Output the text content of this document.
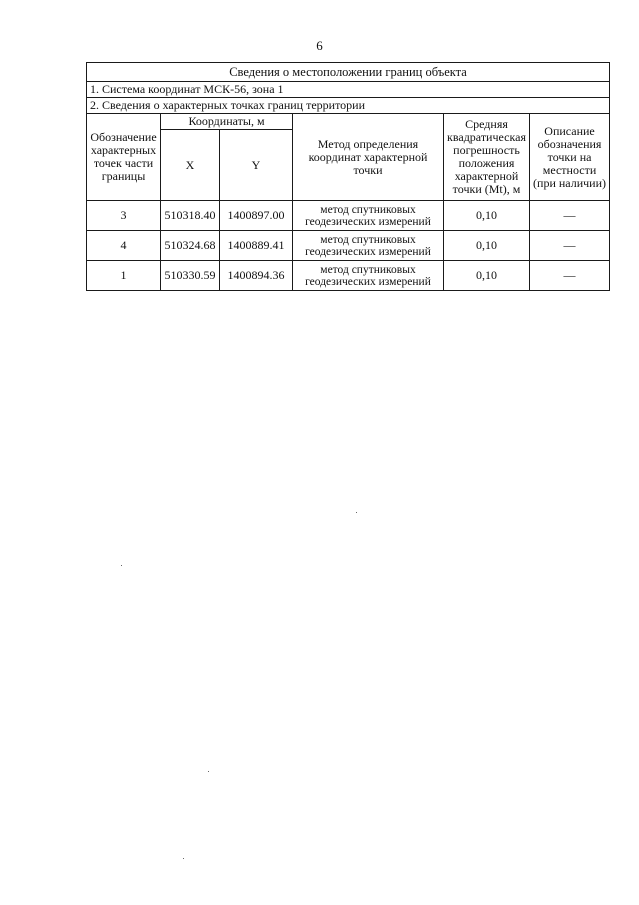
6
Сведения о местоположении границ объекта					
1. Система координат МСК-56, зона 1					
2. Сведения о характерных точках границ территории					
Обозначение характерных точек части границы	Координаты, м		Метод определения координат характерной точки	Средняя квадратическая погрешность положения характерной точки (Mt), м	Описание обозначения точки на местности (при наличии)
	X	Y			
3	510318.40	1400897.00	метод спутниковых геодезических измерений	0,10	—
4	510324.68	1400889.41	метод спутниковых геодезических измерений	0,10	—
1	510330.59	1400894.36	метод спутниковых геодезических измерений	0,10	—
